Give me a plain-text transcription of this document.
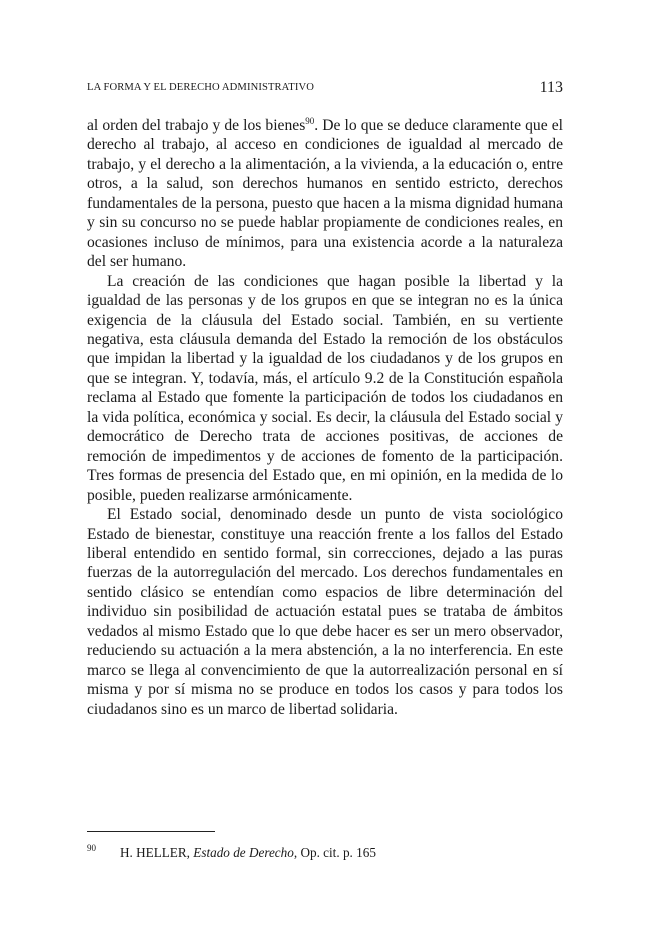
LA FORMA Y EL DERECHO ADMINISTRATIVO	113

al orden del trabajo y de los bienes$^{90}$. De lo que se deduce claramente que el derecho al trabajo, al acceso en condiciones de igualdad al mercado de trabajo, y el derecho a la alimentación, a la vivienda, a la educación o, entre otros, a la salud, son derechos humanos en sentido estricto, derechos fundamentales de la persona, puesto que hacen a la misma dignidad humana y sin su concurso no se puede hablar propiamente de condiciones reales, en ocasiones incluso de mínimos, para una existencia acorde a la naturaleza del ser humano.

La creación de las condiciones que hagan posible la libertad y la igualdad de las personas y de los grupos en que se integran no es la única exigencia de la cláusula del Estado social. También, en su vertiente negativa, esta cláusula demanda del Estado la remoción de los obstáculos que impidan la libertad y la igualdad de los ciudadanos y de los grupos en que se integran. Y, todavía, más, el artículo 9.2 de la Constitución española reclama al Estado que fomente la participación de todos los ciudadanos en la vida política, económica y social. Es decir, la cláusula del Estado social y democrático de Derecho trata de acciones positivas, de acciones de remoción de impedimentos y de acciones de fomento de la participación. Tres formas de presencia del Estado que, en mi opinión, en la medida de lo posible, pueden realizarse armónicamente.

El Estado social, denominado desde un punto de vista sociológico Estado de bienestar, constituye una reacción frente a los fallos del Estado liberal entendido en sentido formal, sin correcciones, dejado a las puras fuerzas de la autorregulación del mercado. Los derechos fundamentales en sentido clásico se entendían como espacios de libre determinación del individuo sin posibilidad de actuación estatal pues se trataba de ámbitos vedados al mismo Estado que lo que debe hacer es ser un mero observador, reduciendo su actuación a la mera abstención, a la no interferencia. En este marco se llega al convencimiento de que la autorrealización personal en sí misma y por sí misma no se produce en todos los casos y para todos los ciudadanos sino es un marco de libertad solidaria.

90 H. HELLER, Estado de Derecho, Op. cit. p. 165
